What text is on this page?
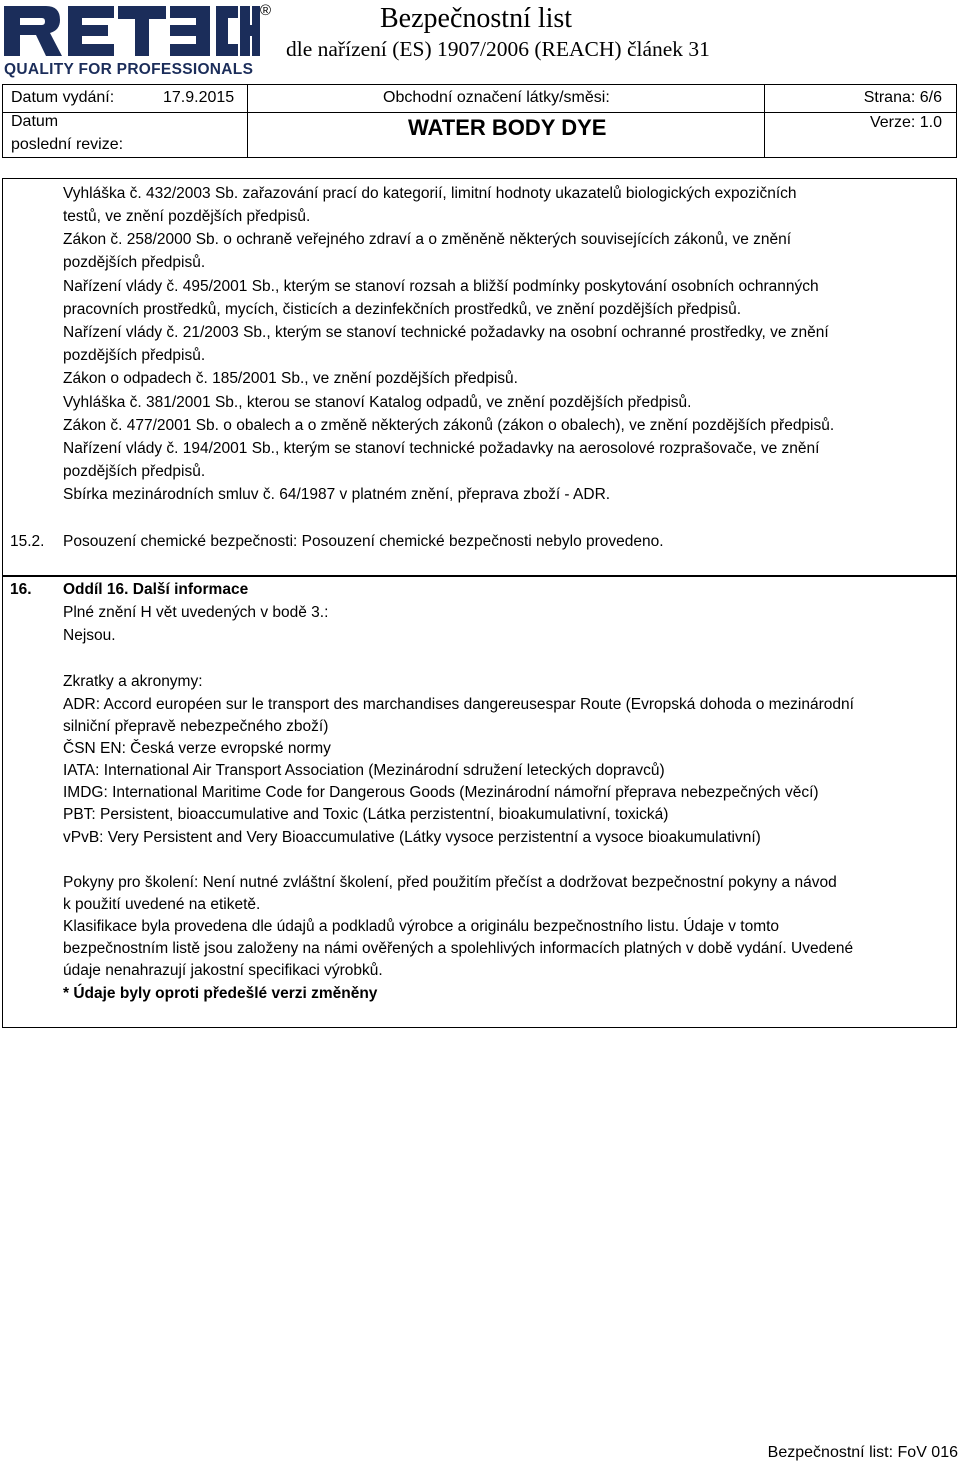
®
QUALITY FOR PROFESSIONALS
Bezpečnostní list
dle nařízení (ES) 1907/2006 (REACH) článek 31
Datum vydání:	17.9.2015	Obchodní označení látky/směsi:	Strana: 6/6
Datum
poslední revize:
WATER BODY DYE	Verze: 1.0
Vyhláška č. 432/2003 Sb. zařazování prací do kategorií, limitní hodnoty ukazatelů biologických expozičních
testů, ve znění pozdějších předpisů.
Zákon č. 258/2000 Sb. o ochraně veřejného zdraví a o změněně některých souvisejících zákonů, ve znění
pozdějších předpisů.
Nařízení vlády č. 495/2001 Sb., kterým se stanoví rozsah a bližší podmínky poskytování osobních ochranných
pracovních prostředků, mycích, čisticích a dezinfekčních prostředků, ve znění pozdějších předpisů.
Nařízení vlády č. 21/2003 Sb., kterým se stanoví technické požadavky na osobní ochranné prostředky, ve znění
pozdějších předpisů.
Zákon o odpadech č. 185/2001 Sb., ve znění pozdějších předpisů.
Vyhláška č. 381/2001 Sb., kterou se stanoví Katalog odpadů, ve znění pozdějších předpisů.
Zákon č. 477/2001 Sb. o obalech a o změně některých zákonů (zákon o obalech), ve znění pozdějších předpisů.
Nařízení vlády č. 194/2001 Sb., kterým se stanoví technické požadavky na aerosolové rozprašovače, ve znění
pozdějších předpisů.
Sbírka mezinárodních smluv č. 64/1987 v platném znění, přeprava zboží - ADR.
15.2. Posouzení chemické bezpečnosti: Posouzení chemické bezpečnosti nebylo provedeno.
16. Oddíl 16. Další informace
Plné znění H vět uvedených v bodě 3.:
Nejsou.
Zkratky a akronymy:
ADR: Accord européen sur le transport des marchandises dangereusespar Route (Evropská dohoda o mezinárodní
silniční přepravě nebezpečného zboží)
ČSN EN: Česká verze evropské normy
IATA: International Air Transport Association (Mezinárodní sdružení leteckých dopravců)
IMDG: International Maritime Code for Dangerous Goods (Mezinárodní námořní přeprava nebezpečných věcí)
PBT: Persistent, bioaccumulative and Toxic (Látka perzistentní, bioakumulativní, toxická)
vPvB: Very Persistent and Very Bioaccumulative (Látky vysoce perzistentní a vysoce bioakumulativní)
Pokyny pro školení: Není nutné zvláštní školení, před použitím přečíst a dodržovat bezpečnostní pokyny a návod
k použití uvedené na etiketě.
Klasifikace byla provedena dle údajů a podkladů výrobce a originálu bezpečnostního listu. Údaje v tomto
bezpečnostním listě jsou založeny na námi ověřených a spolehlivých informacích platných v době vydání. Uvedené
údaje nenahrazují jakostní specifikaci výrobků.
* Údaje byly oproti předešlé verzi změněny
Bezpečnostní list: FoV 016
